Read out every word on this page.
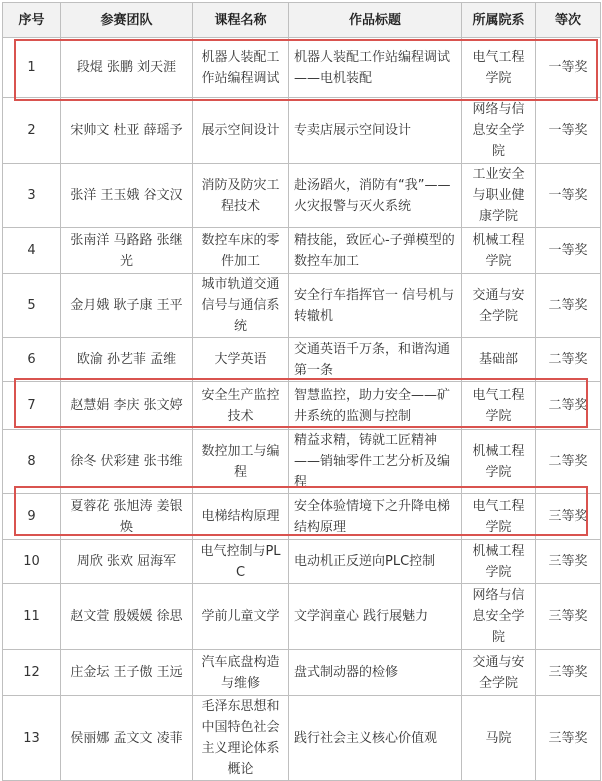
序号	参赛团队	课程名称	作品标题	所属院系	等次
1	段焜 张鹏 刘天涯	机器人装配工作站编程调试	机器人装配工作站编程调试——电机装配	电气工程学院	一等奖
2	宋帅文 杜亚 薛瑶予	展示空间设计	专卖店展示空间设计	网络与信息安全学院	一等奖
3	张洋 王玉娥 谷文汉	消防及防灾工程技术	赴汤蹈火，消防有“我”——火灾报警与灭火系统	工业安全与职业健康学院	一等奖
4	张南洋 马路路 张继光	数控车床的零件加工	精技能，致匠心-子弹模型的数控车加工	机械工程学院	一等奖
5	金月娥 耿子康 王平	城市轨道交通信号与通信系统	安全行车指挥官一 信号机与转辙机	交通与安全学院	二等奖
6	欧渝 孙艺菲 孟维	大学英语	交通英语千万条，和谐沟通第一条	基础部	二等奖
7	赵慧娟 李庆 张文婷	安全生产监控技术	智慧监控，助力安全——矿井系统的监测与控制	电气工程学院	二等奖
8	徐冬 伏彩建 张书维	数控加工与编程	精益求精，铸就工匠精神——销轴零件工艺分析及编程	机械工程学院	二等奖
9	夏蓉花 张旭涛 姜银焕	电梯结构原理	安全体验情境下之升降电梯结构原理	电气工程学院	三等奖
10	周欣 张欢 屈海军	电气控制与PLC	电动机正反逆向PLC控制	机械工程学院	三等奖
11	赵文萱 殷媛媛 徐思	学前儿童文学	文学润童心 践行展魅力	网络与信息安全学院	三等奖
12	庄金坛 王子傲 王远	汽车底盘构造与维修	盘式制动器的检修	交通与安全学院	三等奖
13	侯丽娜 孟文文 凌菲	毛泽东思想和中国特色社会主义理论体系概论	践行社会主义核心价值观	马院	三等奖
